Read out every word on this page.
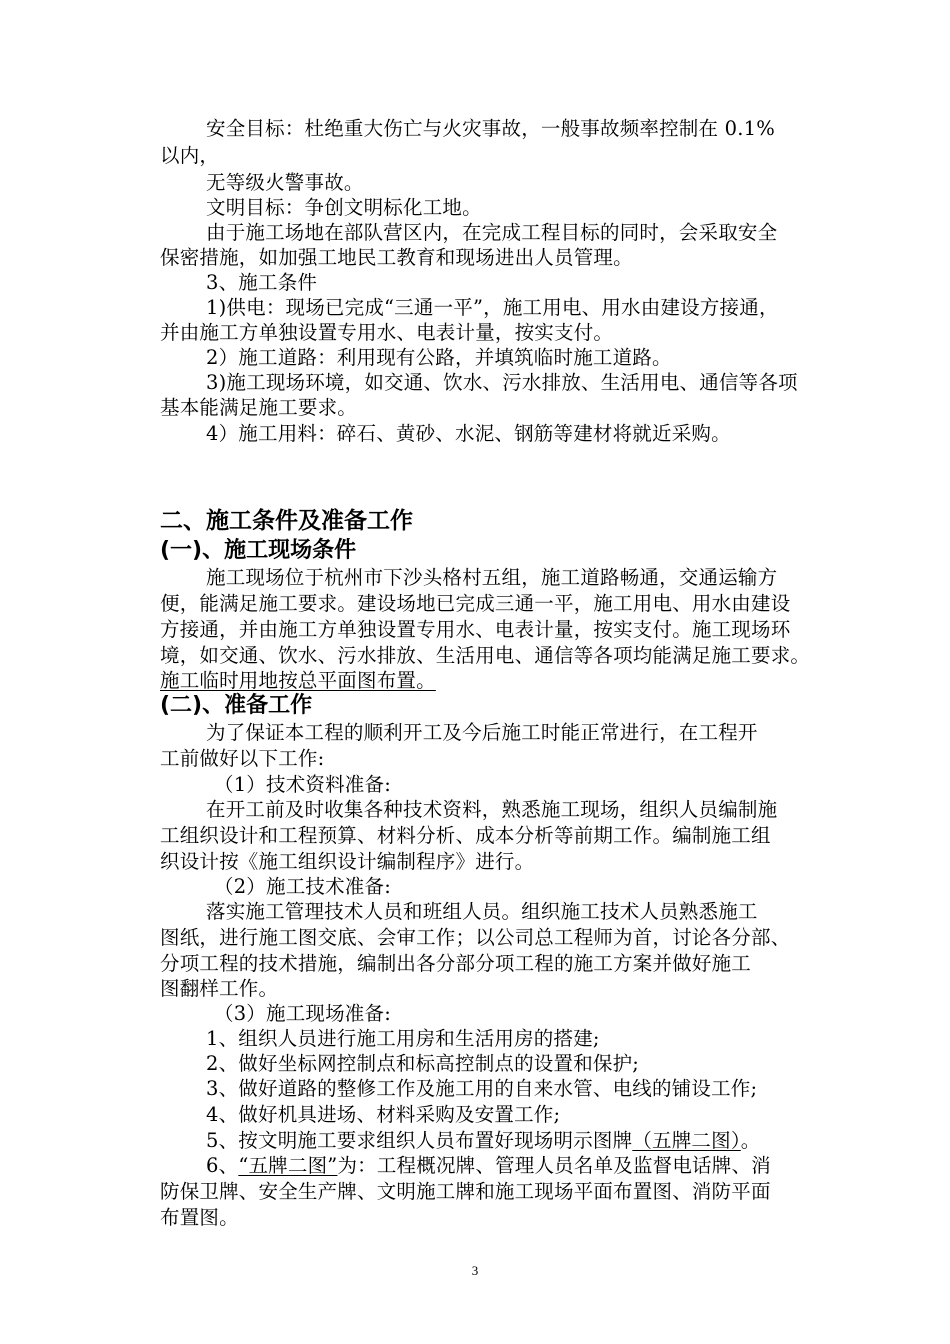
安全目标：杜绝重大伤亡与火灾事故，一般事故频率控制在 0.1%
以内，
无等级火警事故。
文明目标：争创文明标化工地。
由于施工场地在部队营区内，在完成工程目标的同时，会采取安全
保密措施，如加强工地民工教育和现场进出人员管理。
3、施工条件
1)供电：现场已完成“三通一平”，施工用电、用水由建设方接通，
并由施工方单独设置专用水、电表计量，按实支付。
2）施工道路：利用现有公路，并填筑临时施工道路。
3)施工现场环境，如交通、饮水、污水排放、生活用电、通信等各项
基本能满足施工要求。
4）施工用料：碎石、黄砂、水泥、钢筋等建材将就近采购。
二、施工条件及准备工作
(一)、施工现场条件
施工现场位于杭州市下沙头格村五组，施工道路畅通，交通运输方
便，能满足施工要求。建设场地已完成三通一平，施工用电、用水由建设
方接通，并由施工方单独设置专用水、电表计量，按实支付。施工现场环
境，如交通、饮水、污水排放、生活用电、通信等各项均能满足施工要求。
施工临时用地按总平面图布置。
(二)、准备工作
为了保证本工程的顺利开工及今后施工时能正常进行，在工程开
工前做好以下工作:
（1）技术资料准备:
在开工前及时收集各种技术资料，熟悉施工现场，组织人员编制施
工组织设计和工程预算、材料分析、成本分析等前期工作。编制施工组
织设计按《施工组织设计编制程序》进行。
（2）施工技术准备:
落实施工管理技术人员和班组人员。组织施工技术人员熟悉施工
图纸，进行施工图交底、会审工作；以公司总工程师为首，讨论各分部、
分项工程的技术措施，编制出各分部分项工程的施工方案并做好施工
图翻样工作。
（3）施工现场准备:
1、组织人员进行施工用房和生活用房的搭建;
2、做好坐标网控制点和标高控制点的设置和保护;
3、做好道路的整修工作及施工用的自来水管、电线的铺设工作;
4、做好机具进场、材料采购及安置工作;
5、按文明施工要求组织人员布置好现场明示图牌（五牌二图）。
6、“五牌二图”为：工程概况牌、管理人员名单及监督电话牌、消
防保卫牌、安全生产牌、文明施工牌和施工现场平面布置图、消防平面
布置图。
3
